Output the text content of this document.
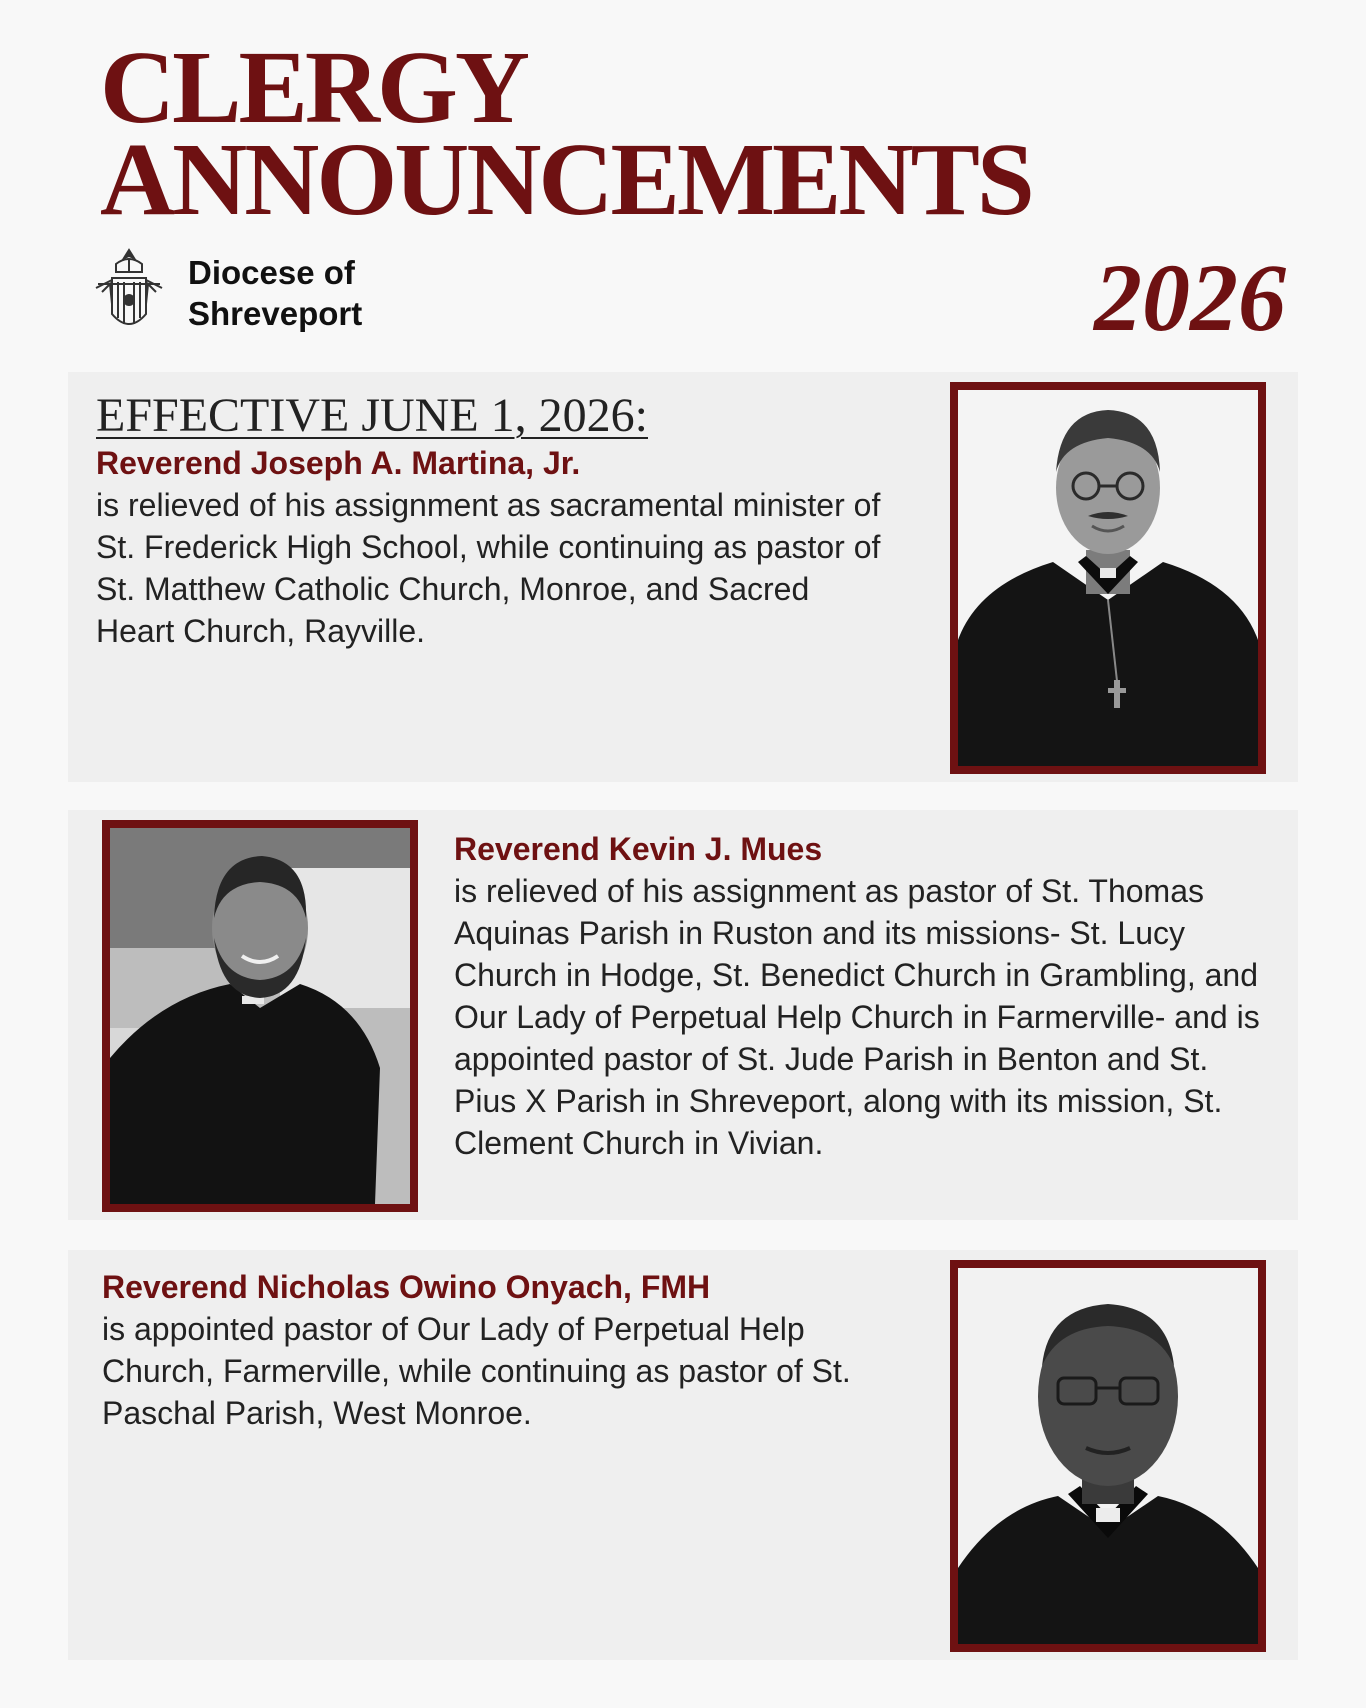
CLERGY
ANNOUNCEMENTS
Diocese of
Shreveport	2026
EFFECTIVE JUNE 1, 2026:
Reverend Joseph A. Martina, Jr.
is relieved of his assignment as sacramental minister of St. Frederick High School, while continuing as pastor of St. Matthew Catholic Church, Monroe, and Sacred Heart Church, Rayville.
Reverend Kevin J. Mues
is relieved of his assignment as pastor of St. Thomas Aquinas Parish in Ruston and its missions- St. Lucy Church in Hodge, St. Benedict Church in Grambling, and Our Lady of Perpetual Help Church in Farmerville- and is appointed pastor of St. Jude Parish in Benton and St. Pius X Parish in Shreveport, along with its mission, St. Clement Church in Vivian.
Reverend Nicholas Owino Onyach, FMH
is appointed pastor of Our Lady of Perpetual Help Church, Farmerville, while continuing as pastor of St. Paschal Parish, West Monroe.
